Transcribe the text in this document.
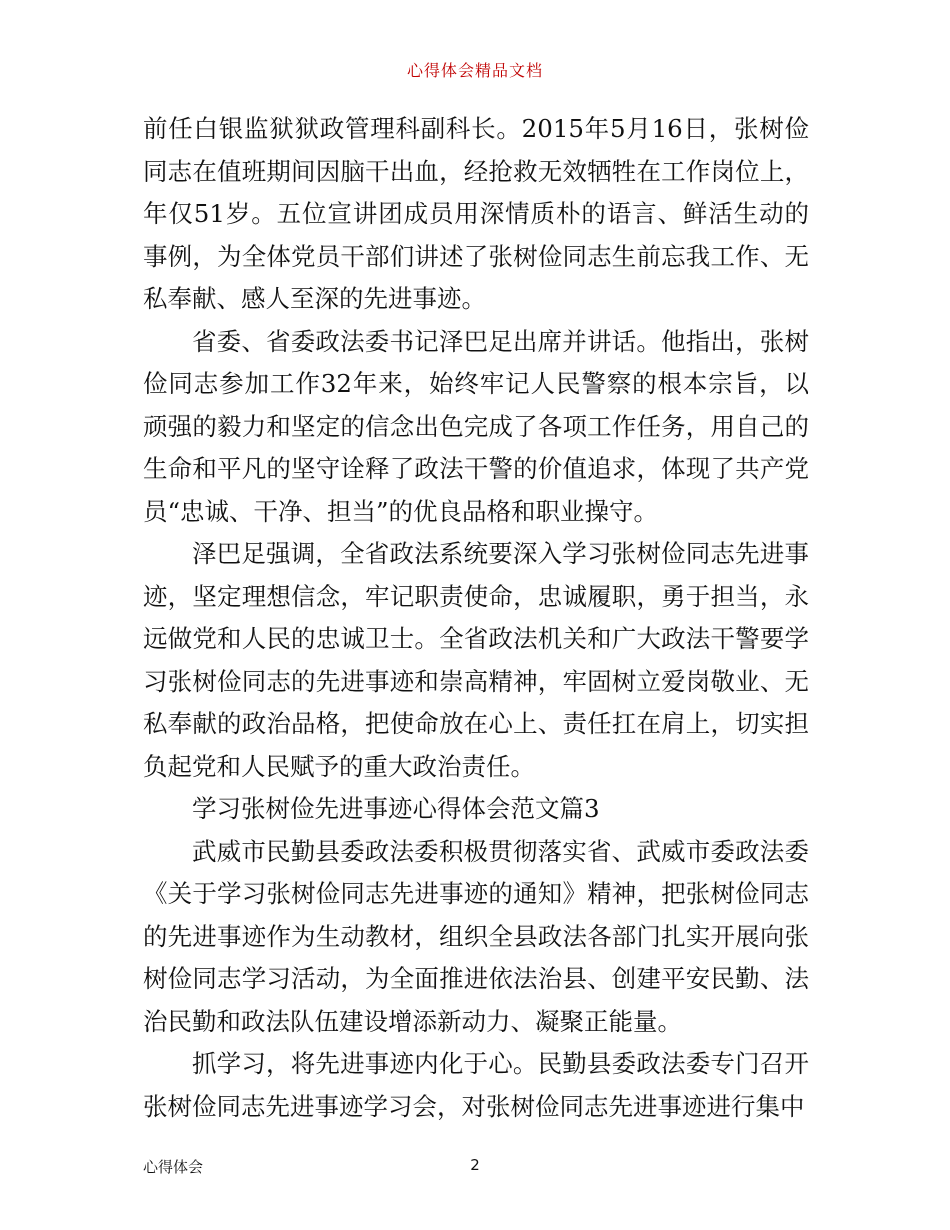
心得体会精品文档

前任白银监狱狱政管理科副科长。2015年5月16日，张树俭同志在值班期间因脑干出血，经抢救无效牺牲在工作岗位上，年仅51岁。五位宣讲团成员用深情质朴的语言、鲜活生动的事例，为全体党员干部们讲述了张树俭同志生前忘我工作、无私奉献、感人至深的先进事迹。

省委、省委政法委书记泽巴足出席并讲话。他指出，张树俭同志参加工作32年来，始终牢记人民警察的根本宗旨，以顽强的毅力和坚定的信念出色完成了各项工作任务，用自己的生命和平凡的坚守诠释了政法干警的价值追求，体现了共产党员“忠诚、干净、担当”的优良品格和职业操守。

泽巴足强调，全省政法系统要深入学习张树俭同志先进事迹，坚定理想信念，牢记职责使命，忠诚履职，勇于担当，永远做党和人民的忠诚卫士。全省政法机关和广大政法干警要学习张树俭同志的先进事迹和崇高精神，牢固树立爱岗敬业、无私奉献的政治品格，把使命放在心上、责任扛在肩上，切实担负起党和人民赋予的重大政治责任。

学习张树俭先进事迹心得体会范文篇3

武威市民勤县委政法委积极贯彻落实省、武威市委政法委《关于学习张树俭同志先进事迹的通知》精神，把张树俭同志的先进事迹作为生动教材，组织全县政法各部门扎实开展向张树俭同志学习活动，为全面推进依法治县、创建平安民勤、法治民勤和政法队伍建设增添新动力、凝聚正能量。

抓学习，将先进事迹内化于心。民勤县委政法委专门召开张树俭同志先进事迹学习会，对张树俭同志先进事迹进行集中

心得体会	2
